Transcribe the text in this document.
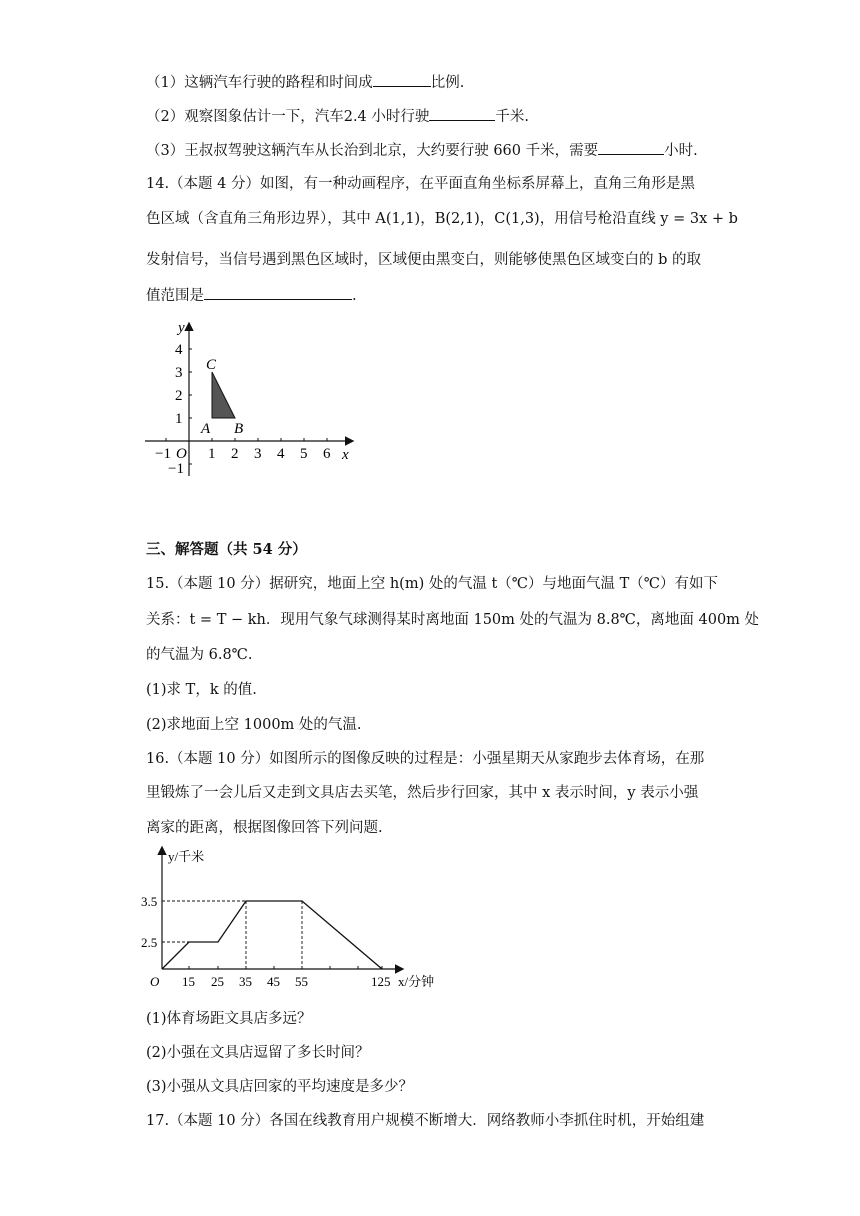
（1）这辆汽车行驶的路程和时间成	比例.
（2）观察图象估计一下，汽车2.4 小时行驶	千米.
（3）王叔叔驾驶这辆汽车从长治到北京，大约要行驶 660 千米，需要	小时.
14.（本题 4 分）如图，有一种动画程序，在平面直角坐标系屏幕上，直角三角形是黑
色区域（含直角三角形边界），其中 A(1,1)，B(2,1)，C(1,3)，用信号枪沿直线 y = 3x + b
发射信号，当信号遇到黑色区域时，区域便由黑变白，则能够使黑色区域变白的 b 的取
值范围是	.
y
x
4
3
2
1
−1
−1 O 1 2 3 4 5 6
C
A B
三、解答题（共 54 分）
15.（本题 10 分）据研究，地面上空 h(m) 处的气温 t（℃）与地面气温 T（℃）有如下
关系：t = T − kh．现用气象气球测得某时离地面 150m 处的气温为 8.8℃，离地面 400m 处
的气温为 6.8℃.
(1)求 T，k 的值.
(2)求地面上空 1000m 处的气温.
16.（本题 10 分）如图所示的图像反映的过程是：小强星期天从家跑步去体育场，在那
里锻炼了一会儿后又走到文具店去买笔，然后步行回家，其中 x 表示时间，y 表示小强
离家的距离，根据图像回答下列问题.
y/千米
3.5
2.5
O 15 25 35 45 55	125 x/分钟
(1)体育场距文具店多远？
(2)小强在文具店逗留了多长时间？
(3)小强从文具店回家的平均速度是多少？
17.（本题 10 分）各国在线教育用户规模不断增大．网络教师小李抓住时机，开始组建
